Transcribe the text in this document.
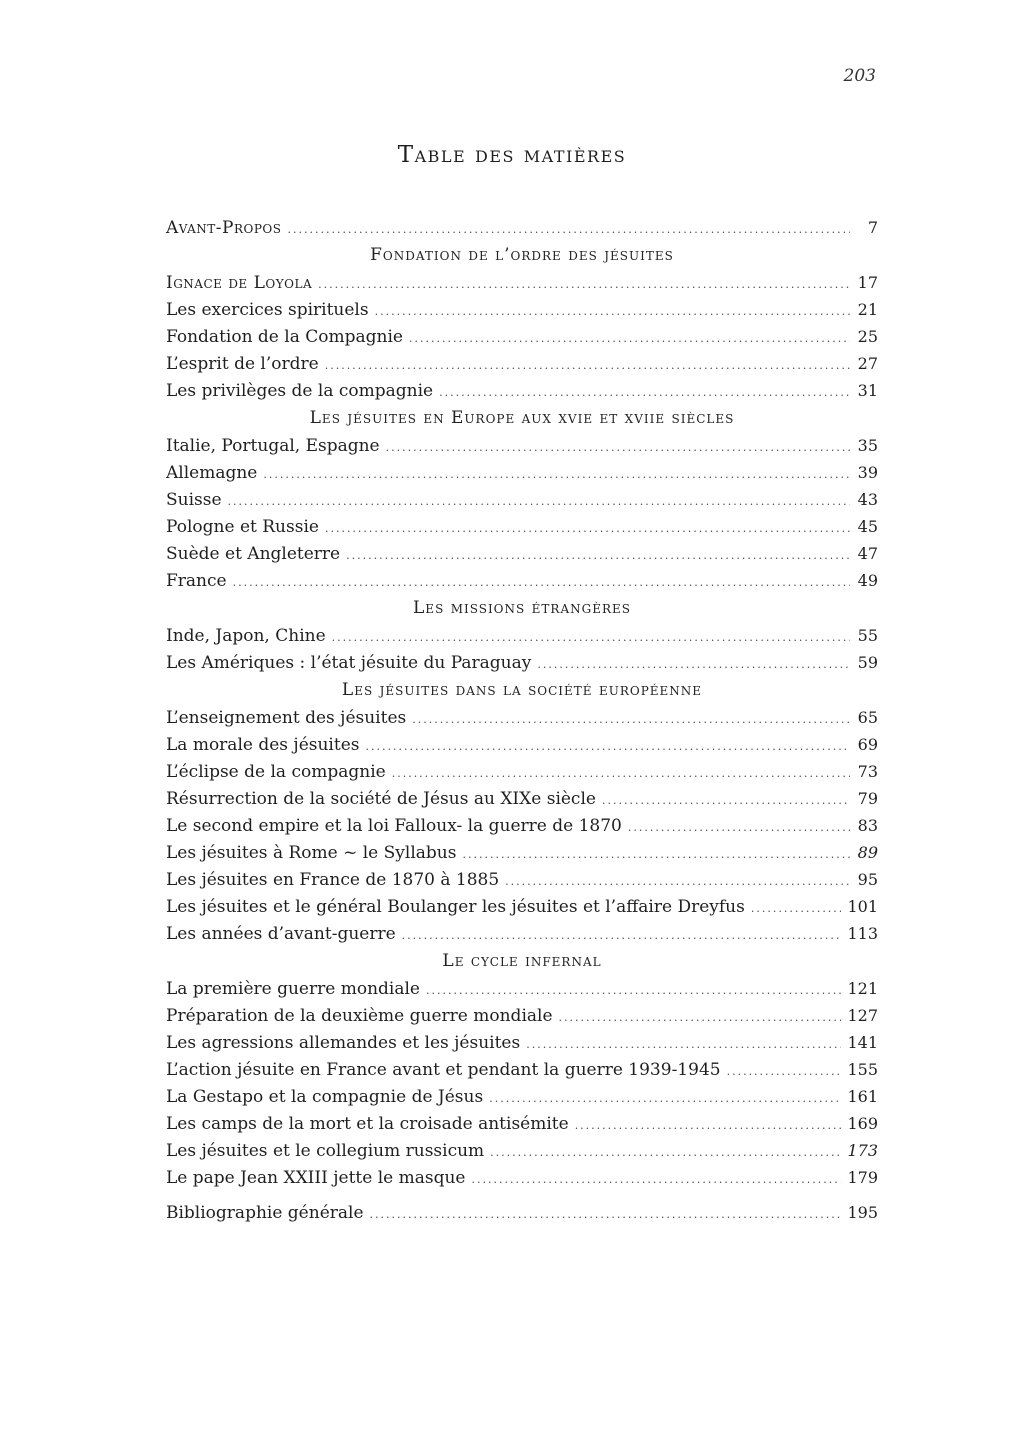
203
Table des matières
Avant-Propos .....	7
Fondation de l’ordre des jésuites
Ignace de Loyola .....	17
Les exercices spirituels .....	21
Fondation de la Compagnie .....	25
L’esprit de l’ordre .....	27
Les privilèges de la compagnie .....	31
Les jésuites en Europe aux xvie et xviie siècles
Italie, Portugal, Espagne .....	35
Allemagne .....	39
Suisse .....	43
Pologne et Russie .....	45
Suède et Angleterre .....	47
France .....	49
Les missions étrangères
Inde, Japon, Chine .....	55
Les Amériques : l’état jésuite du Paraguay .....	59
Les jésuites dans la société européenne
L’enseignement des jésuites .....	65
La morale des jésuites .....	69
L’éclipse de la compagnie .....	73
Résurrection de la société de Jésus au XIXe siècle .....	79
Le second empire et la loi Falloux- la guerre de 1870 .....	83
Les jésuites à Rome ~ le Syllabus .....	89
Les jésuites en France de 1870 à 1885 .....	95
Les jésuites et le général Boulanger les jésuites et l’affaire Dreyfus .....	101
Les années d’avant-guerre .....	113
Le cycle infernal
La première guerre mondiale .....	121
Préparation de la deuxième guerre mondiale .....	127
Les agressions allemandes et les jésuites .....	141
L’action jésuite en France avant et pendant la guerre 1939-1945 .....	155
La Gestapo et la compagnie de Jésus .....	161
Les camps de la mort et la croisade antisémite .....	169
Les jésuites et le collegium russicum .....	173
Le pape Jean XXIII jette le masque .....	179
Bibliographie générale .....	195
